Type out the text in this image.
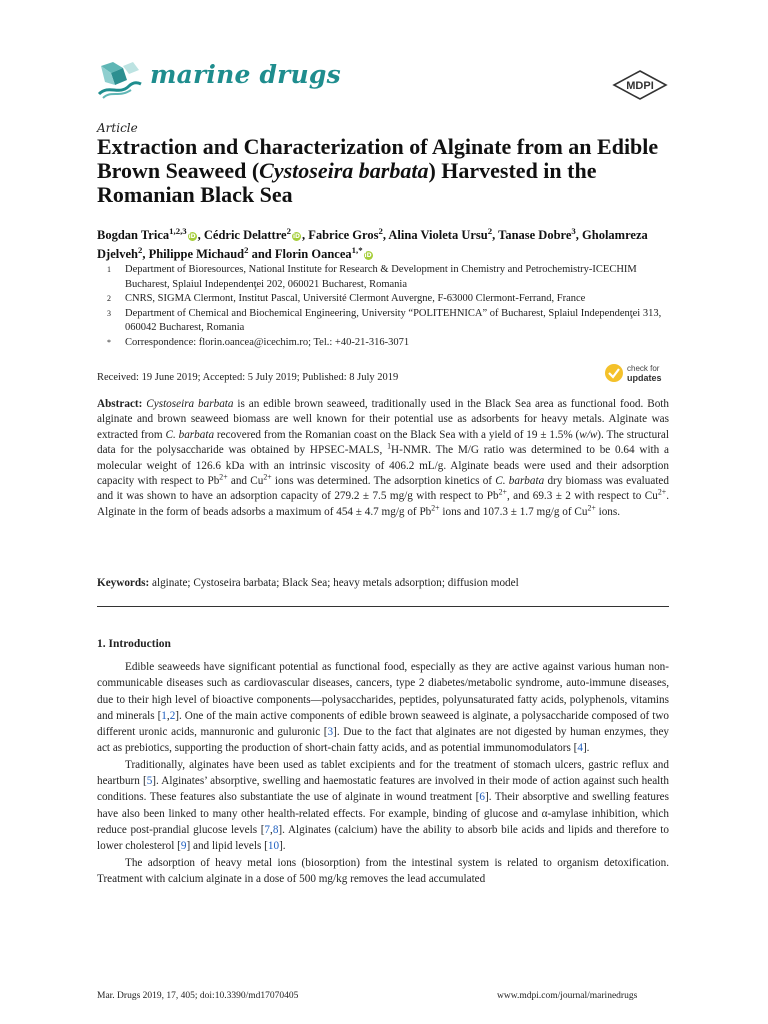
marine drugs	MDPI
Article
Extraction and Characterization of Alginate from an Edible Brown Seaweed (Cystoseira barbata) Harvested in the Romanian Black Sea
Bogdan Trica$^{1,2,3}$iD , Cédric Delattre$^2$iD , Fabrice Gros$^2$, Alina Violeta Ursu$^2$, Tanase Dobre$^3$, Gholamreza Djelveh$^2$, Philippe Michaud$^2$ and Florin Oancea$^{1,*}$iD
1	Department of Bioresources, National Institute for Research & Development in Chemistry and Petrochemistry-ICECHIM Bucharest, Splaiul Independenţei 202, 060021 Bucharest, Romania
2	CNRS, SIGMA Clermont, Institut Pascal, Université Clermont Auvergne, F-63000 Clermont-Ferrand, France
3	Department of Chemical and Biochemical Engineering, University “POLITEHNICA” of Bucharest, Splaiul Independenţei 313, 060042 Bucharest, Romania
*	Correspondence: florin.oancea@icechim.ro; Tel.: +40-21-316-3071
Received: 19 June 2019; Accepted: 5 July 2019; Published: 8 July 2019
check for
updates
Abstract: Cystoseira barbata is an edible brown seaweed, traditionally used in the Black Sea area as functional food. Both alginate and brown seaweed biomass are well known for their potential use as adsorbents for heavy metals. Alginate was extracted from C. barbata recovered from the Romanian coast on the Black Sea with a yield of 19 ± 1.5% (w/w). The structural data for the polysaccharide was obtained by HPSEC-MALS, $^1$H-NMR. The M/G ratio was determined to be 0.64 with a molecular weight of 126.6 kDa with an intrinsic viscosity of 406.2 mL/g. Alginate beads were used and their adsorption capacity with respect to $Pb^{2+}$ and $Cu^{2+}$ ions was determined. The adsorption kinetics of C. barbata dry biomass was evaluated and it was shown to have an adsorption capacity of 279.2 ± 7.5 mg/g with respect to $Pb^{2+}$, and 69.3 ± 2 with respect to $Cu^{2+}$. Alginate in the form of beads adsorbs a maximum of 454 ± 4.7 mg/g of $Pb^{2+}$ ions and 107.3 ± 1.7 mg/g of $Cu^{2+}$ ions.
Keywords: alginate; Cystoseira barbata; Black Sea; heavy metals adsorption; diffusion model
1. Introduction

Edible seaweeds have significant potential as functional food, especially as they are active against various human non-communicable diseases such as cardiovascular diseases, cancers, type 2 diabetes/metabolic syndrome, auto-immune diseases, due to their high level of bioactive components—polysaccharides, peptides, polyunsaturated fatty acids, polyphenols, vitamins and minerals [1,2]. One of the main active components of edible brown seaweed is alginate, a polysaccharide composed of two different uronic acids, mannuronic and guluronic [3]. Due to the fact that alginates are not digested by human enzymes, they act as prebiotics, supporting the production of short-chain fatty acids, and as potential immunomodulators [4].

Traditionally, alginates have been used as tablet excipients and for the treatment of stomach ulcers, gastric reflux and heartburn [5]. Alginates’ absorptive, swelling and haemostatic features are involved in their mode of action against such health conditions. These features also substantiate the use of alginate in wound treatment [6]. Their absorptive and swelling features have also been linked to many other health-related effects. For example, binding of glucose and α-amylase inhibition, which reduce post-prandial glucose levels [7,8]. Alginates (calcium) have the ability to absorb bile acids and lipids and therefore to lower cholesterol [9] and lipid levels [10].

The adsorption of heavy metal ions (biosorption) from the intestinal system is related to organism detoxification. Treatment with calcium alginate in a dose of 500 mg/kg removes the lead accumulated

Mar. Drugs 2019, 17, 405; doi:10.3390/md17070405	www.mdpi.com/journal/marinedrugs
